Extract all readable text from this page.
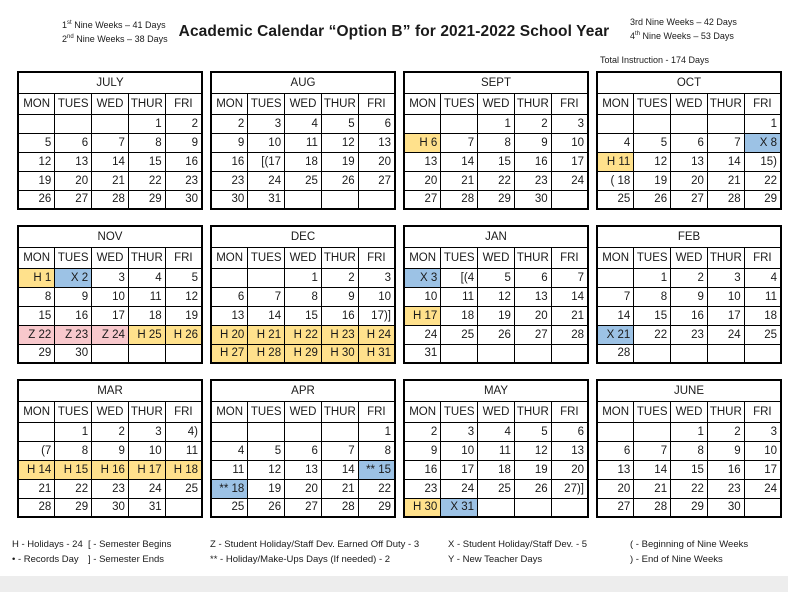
1st Nine Weeks – 41 Days
2nd Nine Weeks – 38 Days Academic Calendar “Option B” for 2021-2022 School Year
3rd Nine Weeks – 42 Days
4th Nine Weeks – 53 Days
Total Instruction - 174 Days
JULY				
MON	TUES	WED	THUR	FRI
			1	2
5	6	7	8	9
12	13	14	15	16
19	20	21	22	23
26	27	28	29	30
AUG				
MON	TUES	WED	THUR	FRI
2	3	4	5	6
9	10	11	12	13
16	[(17	18	19	20
23	24	25	26	27
30	31			
SEPT				
MON	TUES	WED	THUR	FRI
		1	2	3
H 6	7	8	9	10
13	14	15	16	17
20	21	22	23	24
27	28	29	30	
OCT				
MON	TUES	WED	THUR	FRI
				1
4	5	6	7	X 8
H 11	12	13	14	15)
( 18	19	20	21	22
25	26	27	28	29
NOV				
MON	TUES	WED	THUR	FRI
H 1	X 2	3	4	5
8	9	10	11	12
15	16	17	18	19
Z 22	Z 23	Z 24	H 25	H 26
29	30			
DEC				
MON	TUES	WED	THUR	FRI
		1	2	3
6	7	8	9	10
13	14	15	16	17)]
H 20	H 21	H 22	H 23	H 24
H 27	H 28	H 29	H 30	H 31
JAN				
MON	TUES	WED	THUR	FRI
X 3	[(4	5	6	7
10	11	12	13	14
H 17	18	19	20	21
24	25	26	27	28
31				
FEB				
MON	TUES	WED	THUR	FRI
	1	2	3	4
7	8	9	10	11
14	15	16	17	18
X 21	22	23	24	25
28				
MAR				
MON	TUES	WED	THUR	FRI
	1	2	3	4)
(7	8	9	10	11
H 14	H 15	H 16	H 17	H 18
21	22	23	24	25
28	29	30	31	
APR				
MON	TUES	WED	THUR	FRI
				1
4	5	6	7	8
11	12	13	14	** 15
** 18	19	20	21	22
25	26	27	28	29
MAY				
MON	TUES	WED	THUR	FRI
2	3	4	5	6
9	10	11	12	13
16	17	18	19	20
23	24	25	26	27)]
H 30	X 31			
JUNE				
MON	TUES	WED	THUR	FRI
		1	2	3
6	7	8	9	10
13	14	15	16	17
20	21	22	23	24
27	28	29	30	
H - Holidays - 24
• - Records Day
[ - Semester Begins
] - Semester Ends
Z - Student Holiday/Staff Dev. Earned Off Duty - 3
** - Holiday/Make-Ups Days (If needed) - 2
X - Student Holiday/Staff Dev. - 5
Y - New Teacher Days
( - Beginning of Nine Weeks
) - End of Nine Weeks
